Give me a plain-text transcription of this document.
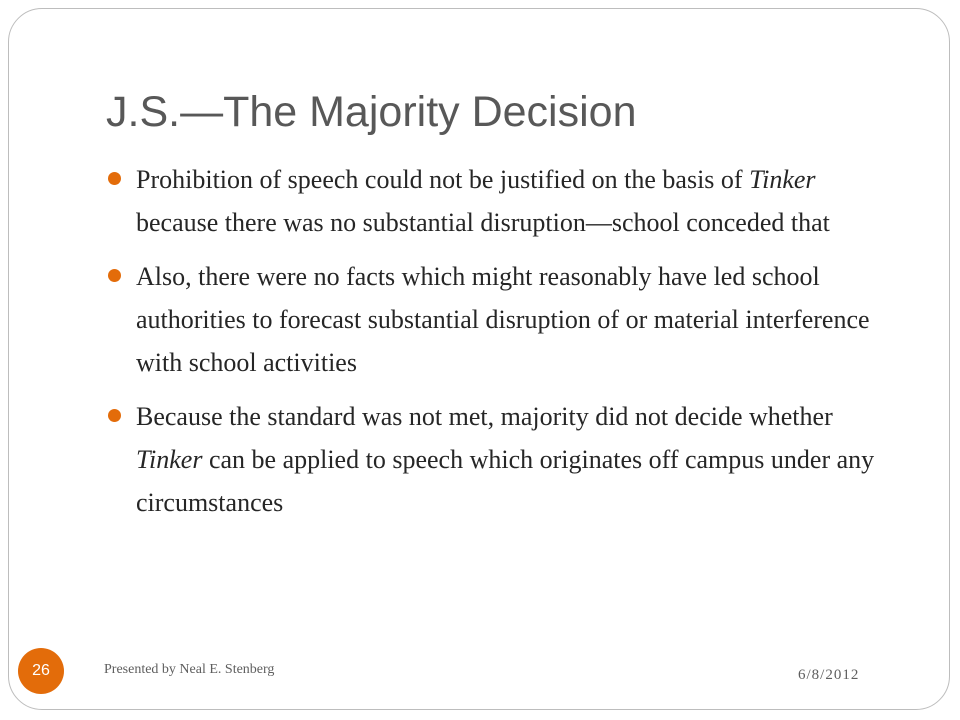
J.S.—The Majority Decision
Prohibition of speech could not be justified on the basis of Tinker because there was no substantial disruption—school conceded that
Also, there were no facts which might reasonably have led school authorities to forecast substantial disruption of or material interference with school activities
Because the standard was not met, majority did not decide whether Tinker can be applied to speech which originates off campus under any circumstances
26	Presented by Neal E. Stenberg	6/8/2012
